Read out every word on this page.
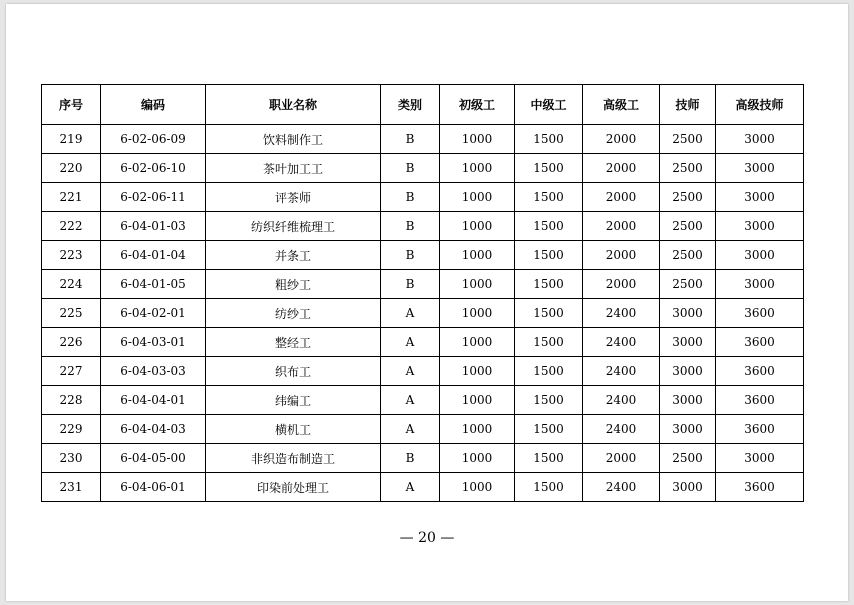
序号	编码	职业名称	类别	初级工	中级工	高级工	技师	高级技师
219	6-02-06-09	饮料制作工	B	1000	1500	2000	2500	3000
220	6-02-06-10	茶叶加工工	B	1000	1500	2000	2500	3000
221	6-02-06-11	评茶师	B	1000	1500	2000	2500	3000
222	6-04-01-03	纺织纤维梳理工	B	1000	1500	2000	2500	3000
223	6-04-01-04	并条工	B	1000	1500	2000	2500	3000
224	6-04-01-05	粗纱工	B	1000	1500	2000	2500	3000
225	6-04-02-01	纺纱工	A	1000	1500	2400	3000	3600
226	6-04-03-01	整经工	A	1000	1500	2400	3000	3600
227	6-04-03-03	织布工	A	1000	1500	2400	3000	3600
228	6-04-04-01	纬编工	A	1000	1500	2400	3000	3600
229	6-04-04-03	横机工	A	1000	1500	2400	3000	3600
230	6-04-05-00	非织造布制造工	B	1000	1500	2000	2500	3000
231	6-04-06-01	印染前处理工	A	1000	1500	2400	3000	3600
— 20 —
